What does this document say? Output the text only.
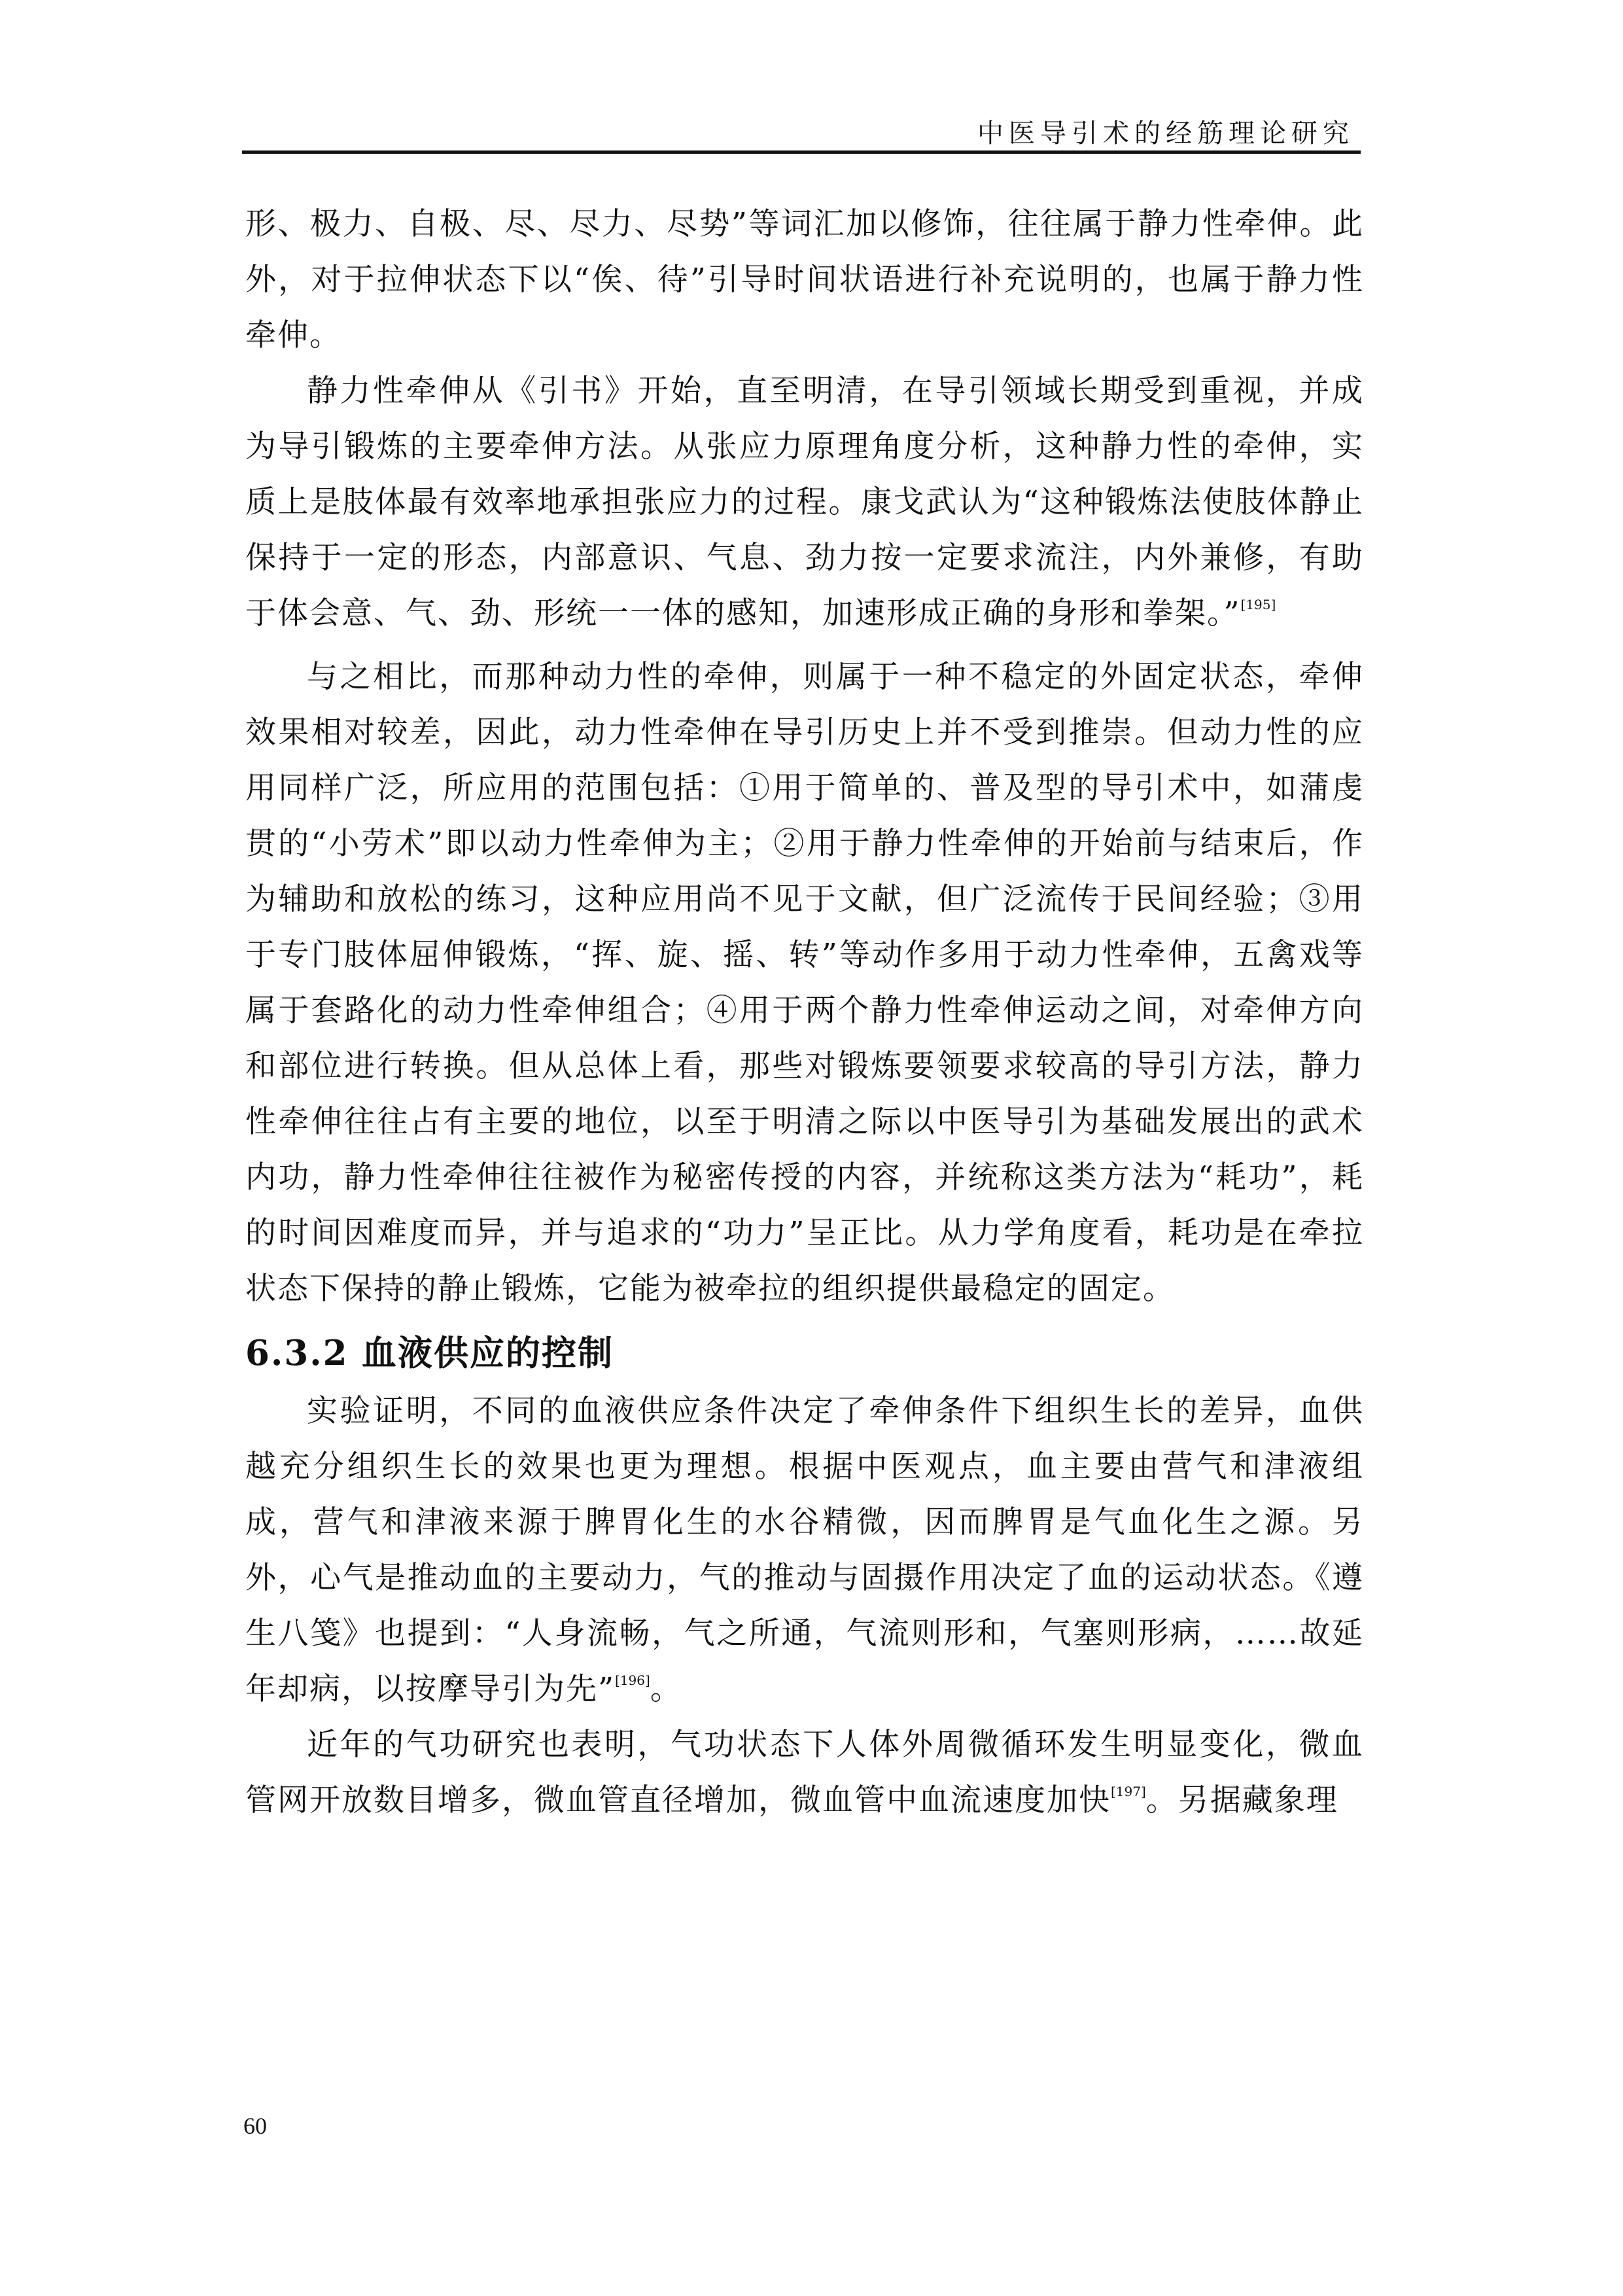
中医导引术的经筋理论研究

形、极力、自极、尽、尽力、尽势”等词汇加以修饰，往往属于静力性牵伸。此外，对于拉伸状态下以“俟、待”引导时间状语进行补充说明的，也属于静力性牵伸。

静力性牵伸从《引书》开始，直至明清，在导引领域长期受到重视，并成为导引锻炼的主要牵伸方法。从张应力原理角度分析，这种静力性的牵伸，实质上是肢体最有效率地承担张应力的过程。康戈武认为“这种锻炼法使肢体静止保持于一定的形态，内部意识、气息、劲力按一定要求流注，内外兼修，有助于体会意、气、劲、形统一一体的感知，加速形成正确的身形和拳架。”[195]

与之相比，而那种动力性的牵伸，则属于一种不稳定的外固定状态，牵伸效果相对较差，因此，动力性牵伸在导引历史上并不受到推崇。但动力性的应用同样广泛，所应用的范围包括：①用于简单的、普及型的导引术中，如蒲虔贯的“小劳术”即以动力性牵伸为主；②用于静力性牵伸的开始前与结束后，作为辅助和放松的练习，这种应用尚不见于文献，但广泛流传于民间经验；③用于专门肢体屈伸锻炼，“挥、旋、摇、转”等动作多用于动力性牵伸，五禽戏等属于套路化的动力性牵伸组合；④用于两个静力性牵伸运动之间，对牵伸方向和部位进行转换。但从总体上看，那些对锻炼要领要求较高的导引方法，静力性牵伸往往占有主要的地位，以至于明清之际以中医导引为基础发展出的武术内功，静力性牵伸往往被作为秘密传授的内容，并统称这类方法为“耗功”，耗的时间因难度而异，并与追求的“功力”呈正比。从力学角度看，耗功是在牵拉状态下保持的静止锻炼，它能为被牵拉的组织提供最稳定的固定。

6.3.2 血液供应的控制

实验证明，不同的血液供应条件决定了牵伸条件下组织生长的差异，血供越充分组织生长的效果也更为理想。根据中医观点，血主要由营气和津液组成，营气和津液来源于脾胃化生的水谷精微，因而脾胃是气血化生之源。另外，心气是推动血的主要动力，气的推动与固摄作用决定了血的运动状态。《遵生八笺》也提到：“人身流畅，气之所通，气流则形和，气塞则形病，……故延年却病，以按摩导引为先”[196]。

近年的气功研究也表明，气功状态下人体外周微循环发生明显变化，微血管网开放数目增多，微血管直径增加，微血管中血流速度加快[197]。另据藏象理

60
